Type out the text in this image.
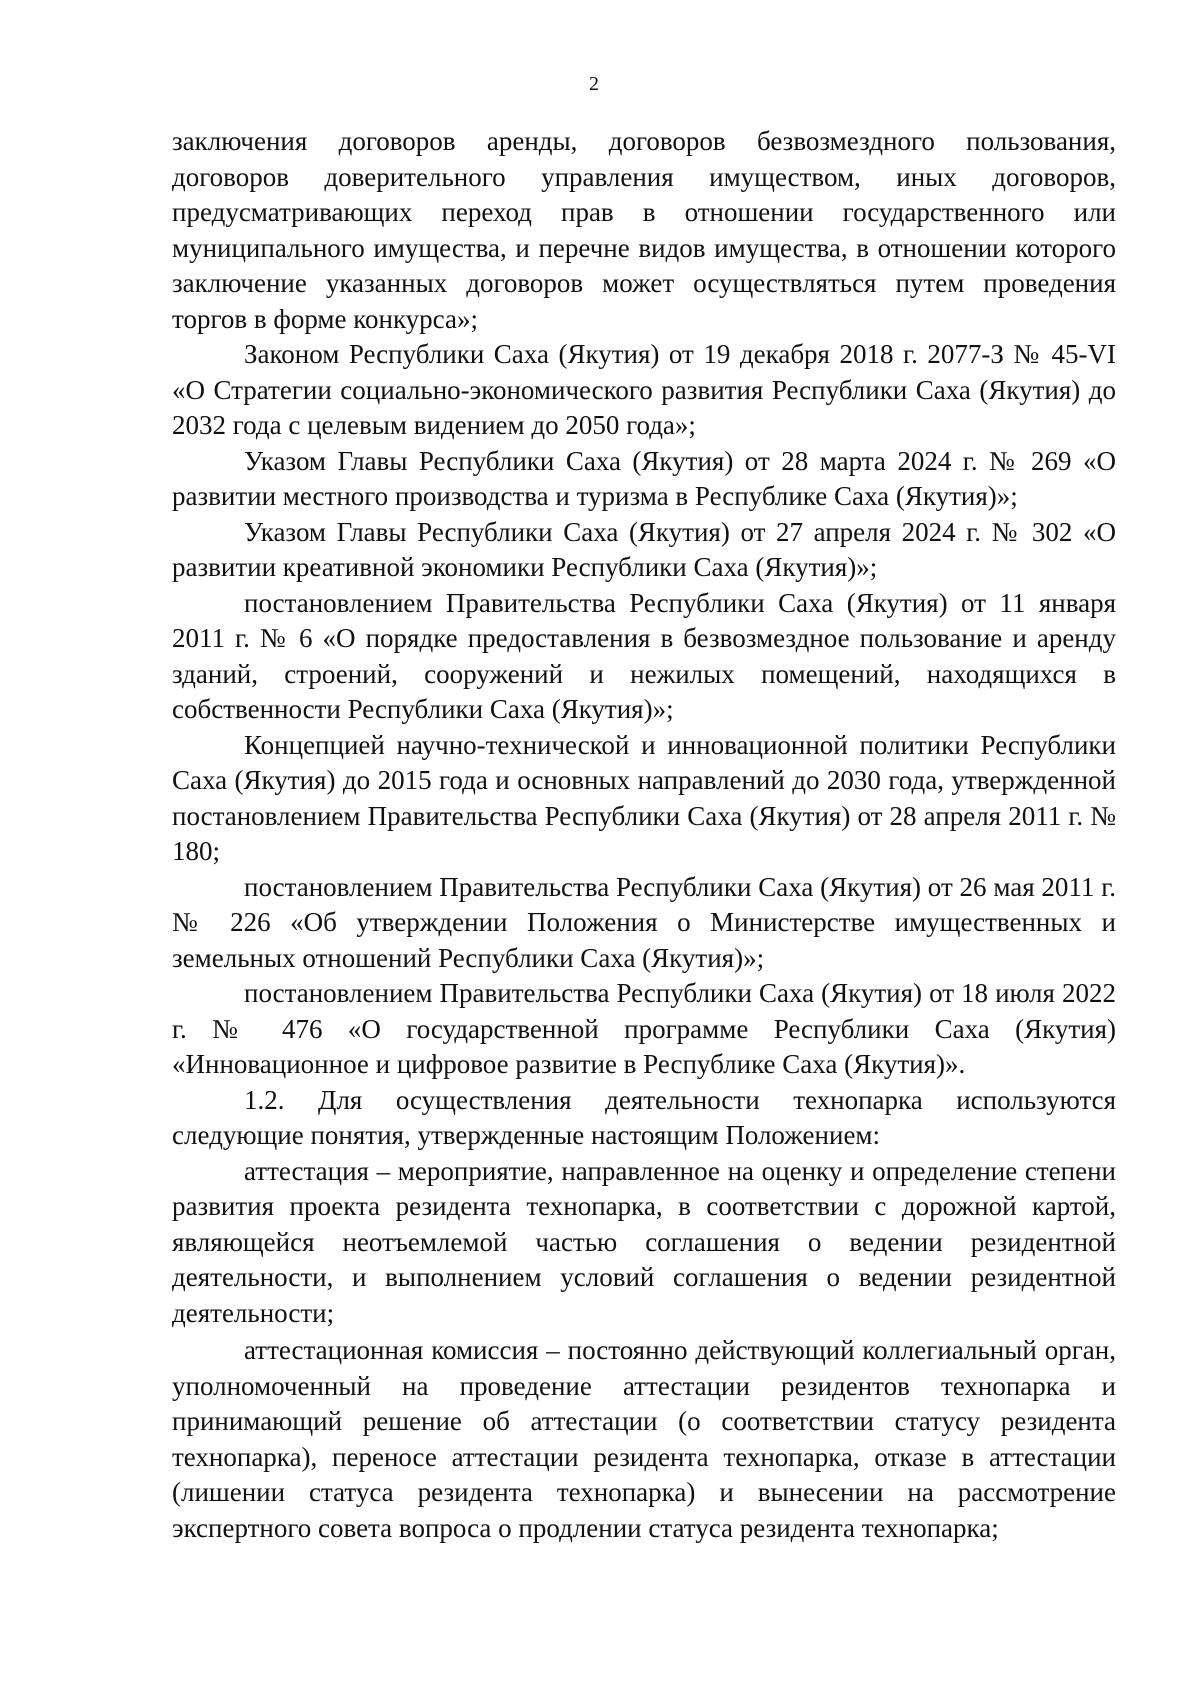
2

заключения договоров аренды, договоров безвозмездного пользования, договоров доверительного управления имуществом, иных договоров, предусматривающих переход прав в отношении государственного или муниципального имущества, и перечне видов имущества, в отношении которого заключение указанных договоров может осуществляться путем проведения торгов в форме конкурса»;

Законом Республики Саха (Якутия) от 19 декабря 2018 г. 2077-З № 45-VI «О Стратегии социально-экономического развития Республики Саха (Якутия) до 2032 года с целевым видением до 2050 года»;

Указом Главы Республики Саха (Якутия) от 28 марта 2024 г. № 269 «О развитии местного производства и туризма в Республике Саха (Якутия)»;

Указом Главы Республики Саха (Якутия) от 27 апреля 2024 г. № 302 «О развитии креативной экономики Республики Саха (Якутия)»;

постановлением Правительства Республики Саха (Якутия) от 11 января 2011 г. № 6 «О порядке предоставления в безвозмездное пользование и аренду зданий, строений, сооружений и нежилых помещений, находящихся в собственности Республики Саха (Якутия)»;

Концепцией научно-технической и инновационной политики Республики Саха (Якутия) до 2015 года и основных направлений до 2030 года, утвержденной постановлением Правительства Республики Саха (Якутия) от 28 апреля 2011 г. № 180;

постановлением Правительства Республики Саха (Якутия) от 26 мая 2011 г. № 226 «Об утверждении Положения о Министерстве имущественных и земельных отношений Республики Саха (Якутия)»;

постановлением Правительства Республики Саха (Якутия) от 18 июля 2022 г. № 476 «О государственной программе Республики Саха (Якутия) «Инновационное и цифровое развитие в Республике Саха (Якутия)».

1.2. Для осуществления деятельности технопарка используются следующие понятия, утвержденные настоящим Положением:

аттестация – мероприятие, направленное на оценку и определение степени развития проекта резидента технопарка, в соответствии с дорожной картой, являющейся неотъемлемой частью соглашения о ведении резидентной деятельности, и выполнением условий соглашения о ведении резидентной деятельности;

аттестационная комиссия – постоянно действующий коллегиальный орган, уполномоченный на проведение аттестации резидентов технопарка и принимающий решение об аттестации (о соответствии статусу резидента технопарка), переносе аттестации резидента технопарка, отказе в аттестации (лишении статуса резидента технопарка) и вынесении на рассмотрение экспертного совета вопроса о продлении статуса резидента технопарка;
